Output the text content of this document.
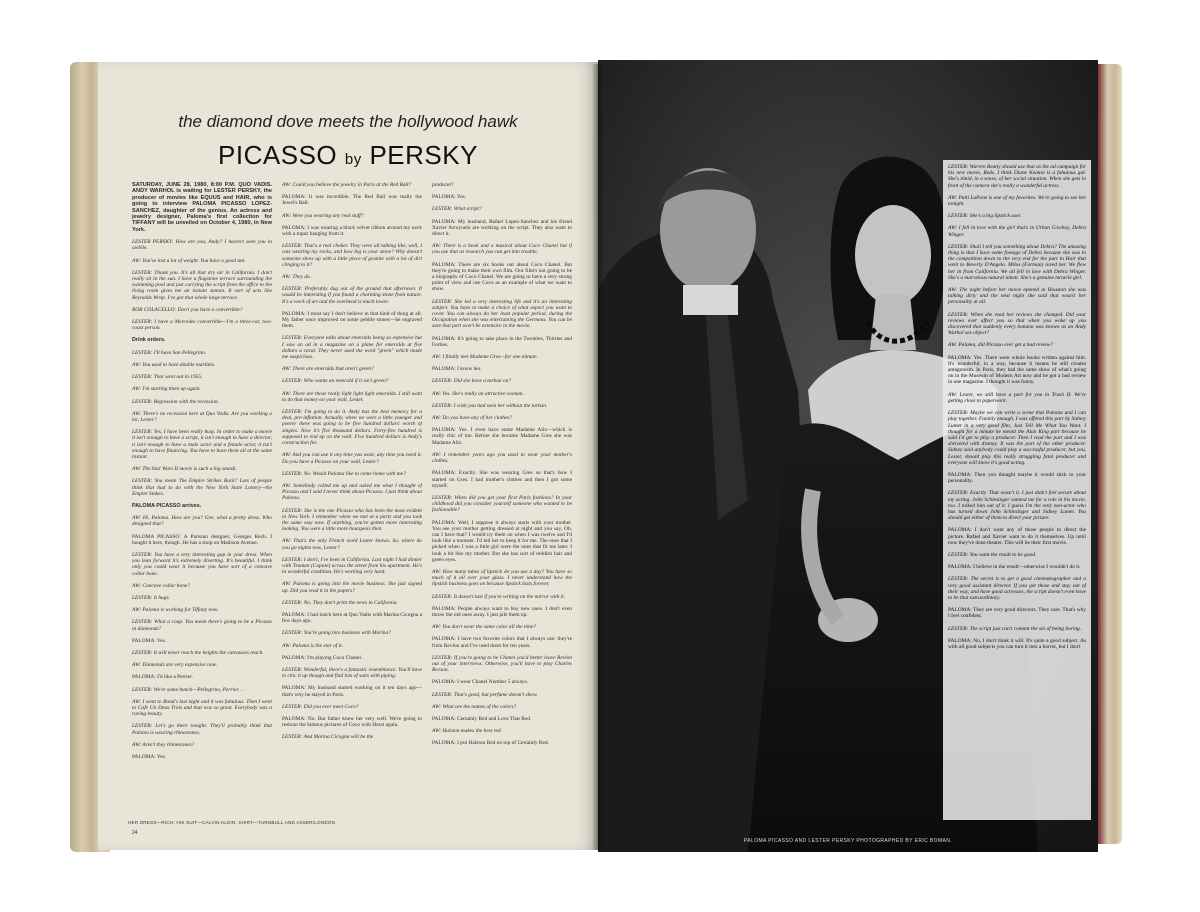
the diamond dove meets the hollywood hawk
PICASSO by PERSKY

SATURDAY, JUNE 28, 1980, 8:00 P.M. QUO VADIS. ANDY WARHOL is waiting for LESTER PERSKY, the producer of movies like EQUUS and HAIR, who is going to interview PALOMA PICASSO LOPEZ-SANCHEZ, daughter of the genius. An actress and jewelry designer, Paloma's first collection for TIFFANY will be unveiled on October 4, 1980, in New York.

LESTER PERSKY: How are you, Andy? I haven't seen you in awhile.

AW: You've lost a lot of weight. You have a good tan.

LESTER: Thank you. It's all that dry air in California. I don't really sit in the sun. I have a flagstone terrace surrounding the swimming pool and just carrying the script from the office to the living room gives me an instant suntan. It sort of acts like Reynolds Wrap. I've got that whole large terrace.

BOB COLACELLO: Don't you have a convertible?

LESTER: I have a Mercedes convertible—I'm a three-car, two-coast person.

Drink orders.

LESTER: I'll have San Pellegrino.

AW: You used to have double martinis.

LESTER: That went out in 1955.

AW: I'm starting them up again.

LESTER: Regression with the recession.

AW: There's no recession here at Quo Vadis. Are you working a lot, Lester?

LESTER: Yes, I have been really busy. In order to make a movie it isn't enough to have a script, it isn't enough to have a director, it isn't enough to have a male actor and a female actor, it isn't enough to have financing. You have to have them all at the same instant.

AW: The Star Wars II movie is such a big smash.

LESTER: You mean The Empire Strikes Back? Lots of people think that had to do with the New York State Lottery—the Empire Stakes.

PALOMA PICASSO arrives.

AW: Hi, Paloma. How are you? Gee, what a pretty dress. Who designed that?

PALOMA PICASSO: A Parisian designer, Georges Rech. I bought it here, though. He has a shop on Madison Avenue.

LESTER: You have a very interesting gap in your dress. When you lean forward it's extremely diverting. It's beautiful. I think only you could wear it because you have sort of a concave collar bone.

AW: Concave collar bone?

LESTER: It hugs.

AW: Paloma is working for Tiffany now.

LESTER: What a coup. You mean there's going to be a Picasso in diamonds?

PALOMA: Yes.

LESTER: It will never reach the heights the canvasses reach.

AW: Diamonds are very expensive now.

PALOMA: I'd like a Perrier.

LESTER: We're some bunch—Pellegrino, Perrier. . .

AW: I went to Bond's last night and it was fabulous. Then I went to Cafe Un Deux Trois and that was so great. Everybody was a raving beauty.

LESTER: Let's go there tonight. They'll probably think that Paloma is wearing rhinestones.

AW: Aren't they rhinestones?

PALOMA: Yes.

AW: Could you believe the jewelry in Paris at the Red Ball?

PALOMA: It was incredible. The Red Ball was really the Jewel's Ball.

AW: Were you wearing any real stuff?

PALOMA: I was wearing a black velvet ribbon around my neck with a topaz hanging from it.

LESTER: That's a real choker. They were all talking like, well, I was wearing my rocks, and how big is your stone? Why doesn't someone show up with a little piece of granite with a lot of dirt clinging to it?

AW: They do.

LESTER: Preferably dug out of the ground that afternoon. It would be interesting if you found a charming stone from nature. It's a work of art and the overhead is much lower.

PALOMA: I must say I don't believe in that kind of thing at all. My father once improved on some pebble stones—he engraved them.

LESTER: Everyone talks about emeralds being so expensive but I saw an ad in a magazine on a plane for emeralds at five dollars a carat. They never used the word "green" which made me suspicious.

AW: There are emeralds that aren't green?

LESTER: Who wants an emerald if it isn't green?

AW: There are those really light light light emeralds. I still want to do that money on your wall, Lester.

LESTER: I'm going to do it. Andy has the best memory for a deal, pre-inflation. Actually, when we were a little younger and poorer there was going to be five hundred dollars' worth of singles. Now it's five thousand dollars. Forty-five hundred is supposed to end up on the wall. Five hundred dollars is Andy's construction fee.

AW: And you can use it any time you want, any time you need it. Do you have a Picasso on your wall, Lester?

LESTER: No. Would Paloma like to come home with me?

AW: Somebody called me up and asked me what I thought of Picasso and I said I never think about Picasso. I just think about Paloma.

LESTER: She is the one Picasso who has been the most evident in New York. I remember when we met at a party and you took the same way now. If anything, you've gotten more interesting looking. You were a little more bourgeois then.

AW: That's the only French word Lester knows. So, where do you go nights now, Lester?

LESTER: I don't, I've been in California. Last night I had dinner with Truman (Capote) across the street from his apartment. He's in wonderful condition. He's working very hard.

AW: Paloma is going into the movie business. She just signed up. Did you read it in the papers?

LESTER: No. They don't print the news in California.

PALOMA: I had lunch here at Quo Vadis with Marina Cicogna a few days ago.

LESTER: You're going into business with Marina?

AW: Paloma is the star of it.

PALOMA: I'm playing Coco Chanel.

LESTER: Wonderful, there's a fantastic resemblance. You'll have to chic it up though and find lots of suits with piping.

PALOMA: My husband started working on it ten days ago—that's why he stayed in Paris.

LESTER: Did you ever meet Coco?

PALOMA: No. But father knew her very well. We're going to reshoot the famous pictures of Coco with Horst again.

LESTER: And Marina Cicogna will be the

producer?

PALOMA: Yes.

LESTER: What script?

PALOMA: My husband, Rafael Lopez-Sanchez and his friend Xavier Arroyuelo are working on the script. They also want to direct it.

AW: There is a book and a musical about Coco Chanel but if you use that as research you can get into trouble.

PALOMA: There are six books out about Coco Chanel. But they're going to make their own film. Our film's not going to be a biography of Coco Chanel. We are going to have a very strong point of view and use Coco as an example of what we want to show.

LESTER: She led a very interesting life and it's an interesting subject. You have to make a choice of what aspect you want to cover. You can always do her least popular period, during the Occupation when she was entertaining the Germans. You can be sure that part won't be extensive in the movie.

PALOMA: It's going to take place in the Twenties, Thirties and Forties.

AW: I finally met Madame Gres—for one minute.

PALOMA: I know her.

LESTER: Did she have a turban on?

AW: Yes. She's really an attractive woman.

LESTER: I wish you had seen her without the turban.

AW: Do you have any of her clothes?

PALOMA: Yes. I even have some Madame Alix—which is really chic of me. Before she became Madame Gres she was Madame Alix.

AW: I remember years ago you used to wear your mother's clothes.

PALOMA: Exactly. She was wearing Gres so that's how I started on Gres. I had mother's clothes and then I got some myself.

LESTER: When did you get your first Paris fashions? In your childhood did you consider yourself someone who wanted to be fashionable?

PALOMA: Well, I suppose it always starts with your mother. You see your mother getting dressed at night and you say, Oh, can I have that? I would try them on when I was twelve and I'd look like a monster. I'd tell her to keep it for me. The ones that I picked when I was a little girl were the ones that fit me later. I look a bit like my mother. But she has sort of reddish hair and green eyes.

AW: How many tubes of lipstick do you use a day? You have so much of it all over your glass. I never understand how the lipstick business goes on because lipstick lasts forever.

LESTER: It doesn't last if you're writing on the mirror with it.

PALOMA: People always want to buy new ones. I don't even throw the old ones away. I just pile them up.

AW: You don't wear the same color all the time?

PALOMA: I have two favorite colors that I always use: they're from Revlon and I've used them for ten years.

LESTER: If you're going to be Chanel you'd better leave Revlon out of your interviews. Otherwise, you'll have to play Charles Revson.

PALOMA: I wear Chanel Number 5 always.

LESTER: That's good, but perfume doesn't show.

AW: What are the names of the colors?

PALOMA: Certainly Red and Love That Red.

AW: Halston makes the best red.

PALOMA: I put Halston Red on top of Certainly Red.

HER DRESS—RICH; HIS SUIT—CALVIN KLEIN; SHIRT—TURNBULL AND ASSER/LONDON
24

LESTER: Warren Beatty should use that as the ad campaign for his new movie, Reds. I think Diane Keaton is a fabulous gal. She's timid, in a sense, of her social situation. When she gets in front of the camera she's really a wonderful actress.

AW: Patti LuPone is one of my favorites. We're going to see her tonight.

LESTER: She's a big lipstick user.

AW: I fell in love with the girl that's in Urban Cowboy, Debra Winger.

LESTER: Shall I tell you something about Debra? The amazing thing is that I have some footage of Debra because she was in the competition down to the very end for the part in Hair that went to Beverly D'Angelo. Milos (Forman) loved her. We flew her in from California. We all fell in love with Debra Winger. She's a marvelous natural talent. She's a genuine miracle girl.

AW: The night before her movie opened in Houston she was talking dirty and the next night she said that wasn't her personality at all.

LESTER: When she read her reviews she changed. Did your reviews ever affect you so that when you woke up you discovered that suddenly every banana was known as an Andy Warhol sex object?

AW: Paloma, did Picasso ever get a bad review?

PALOMA: Yes. There were whole books written against him. It's wonderful, in a way, because it means he still creates antagonism. In Paris, they had the same show of what's going on in the Museum of Modern Art now and he got a bad review in one magazine. I thought it was funny.

AW: Lester, we still have a part for you in Trash II. We're getting close to paperwork.

LESTER: Maybe we can write a scene that Paloma and I can play together. Funnily enough, I was offered this part by Sidney Lumet in a very good film, Just Tell Me What You Want. I thought for a minute he meant the Alan King part because he said I'd get to play a producer. Then I read the part and I was shriveled with dismay. It was the part of the other producer. Sidney said anybody could play a successful producer, but you, Lester, should play this really struggling fatal producer and everyone will know it's good acting.

PALOMA: Then you thought maybe it would stick to your personality.

LESTER: Exactly. That wasn't it. I just didn't feel secure about my acting. John Schlesinger wanted me for a role in his movie, too. I talked him out of it. I guess I'm the only non-actor who has turned down John Schlesinger and Sidney Lumet. You should get either of them to direct your picture.

PALOMA: I don't want any of those people to direct the picture. Rafael and Xavier want to do it themselves. Up until now they've done theater. This will be their first movie.

LESTER: You want the result to be good.

PALOMA: I believe in the result—otherwise I wouldn't do it.

LESTER: The secret is to get a good cinematographer and a very good assistant director. If you get those and stay out of their way, and have good actresses, the script doesn't even have to be that extraordinary.

PALOMA: They are very good directors. They care. That's why I feel confident.

LESTER: The script just can't commit the sin of being boring.

PALOMA: No, I don't think it will. It's quite a good subject. As with all good subjects you can turn it into a horror, but I don't

PALOMA PICASSO AND LESTER PERSKY PHOTOGRAPHED BY ERIC BOMAN.
